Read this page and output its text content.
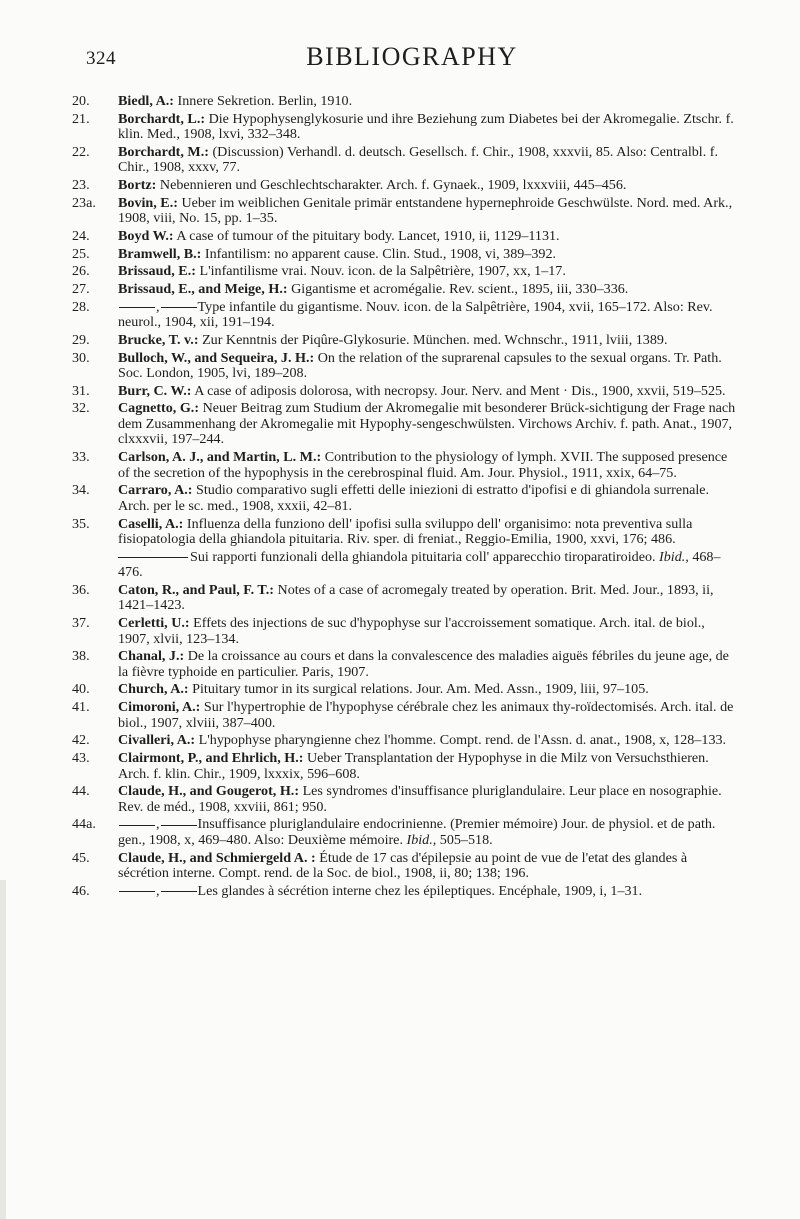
324	BIBLIOGRAPHY
20.	Biedl, A.: Innere Sekretion. Berlin, 1910.
21.	Borchardt, L.: Die Hypophysenglykosurie und ihre Beziehung zum Diabetes bei der Akromegalie. Ztschr. f. klin. Med., 1908, lxvi, 332–348.
22.	Borchardt, M.: (Discussion) Verhandl. d. deutsch. Gesellsch. f. Chir., 1908, xxxvii, 85. Also: Centralbl. f. Chir., 1908, xxxv, 77.
23.	Bortz: Nebennieren und Geschlechtscharakter. Arch. f. Gynaek., 1909, lxxxviii, 445–456.
23a.	Bovin, E.: Ueber im weiblichen Genitale primär entstandene hypernephroide Geschwülste. Nord. med. Ark., 1908, viii, No. 15, pp. 1–35.
24.	Boyd W.: A case of tumour of the pituitary body. Lancet, 1910, ii, 1129–1131.
25.	Bramwell, B.: Infantilism: no apparent cause. Clin. Stud., 1908, vi, 389–392.
26.	Brissaud, E.: L'infantilisme vrai. Nouv. icon. de la Salpêtrière, 1907, xx, 1–17.
27.	Brissaud, E., and Meige, H.: Gigantisme et acromégalie. Rev. scient., 1895, iii, 330–336.
28.	,	Type infantile du gigantisme. Nouv. icon. de la Salpêtrière, 1904, xvii, 165–172. Also: Rev. neurol., 1904, xii, 191–194.
29.	Brucke, T. v.: Zur Kenntnis der Piqûre-Glykosurie. München. med. Wchnschr., 1911, lviii, 1389.
30.	Bulloch, W., and Sequeira, J. H.: On the relation of the suprarenal capsules to the sexual organs. Tr. Path. Soc. London, 1905, lvi, 189–208.
31.	Burr, C. W.: A case of adiposis dolorosa, with necropsy. Jour. Nerv. and Ment · Dis., 1900, xxvii, 519–525.
32.	Cagnetto, G.: Neuer Beitrag zum Studium der Akromegalie mit besonderer Brück-sichtigung der Frage nach dem Zusammenhang der Akromegalie mit Hypophy-sengeschwülsten. Virchows Archiv. f. path. Anat., 1907, clxxxvii, 197–244.
33.	Carlson, A. J., and Martin, L. M.: Contribution to the physiology of lymph. XVII. The supposed presence of the secretion of the hypophysis in the cerebrospinal fluid. Am. Jour. Physiol., 1911, xxix, 64–75.
34.	Carraro, A.: Studio comparativo sugli effetti delle iniezioni di estratto d'ipofisi e di ghiandola surrenale. Arch. per le sc. med., 1908, xxxii, 42–81.
35.	Caselli, A.: Influenza della funziono dell' ipofisi sulla sviluppo dell' organisimo: nota preventiva sulla fisiopatologia della ghiandola pituitaria. Riv. sper. di freniat., Reggio-Emilia, 1900, xxvi, 176; 486.
Sui rapporti funzionali della ghiandola pituitaria coll' apparecchio tiroparatiroideo. Ibid., 468–476.
36.	Caton, R., and Paul, F. T.: Notes of a case of acromegaly treated by operation. Brit. Med. Jour., 1893, ii, 1421–1423.
37.	Cerletti, U.: Effets des injections de suc d'hypophyse sur l'accroissement somatique. Arch. ital. de biol., 1907, xlvii, 123–134.
38.	Chanal, J.: De la croissance au cours et dans la convalescence des maladies aiguës fébriles du jeune age, de la fièvre typhoide en particulier. Paris, 1907.
40.	Church, A.: Pituitary tumor in its surgical relations. Jour. Am. Med. Assn., 1909, liii, 97–105.
41.	Cimoroni, A.: Sur l'hypertrophie de l'hypophyse cérébrale chez les animaux thy-roïdectomisés. Arch. ital. de biol., 1907, xlviii, 387–400.
42.	Civalleri, A.: L'hypophyse pharyngienne chez l'homme. Compt. rend. de l'Assn. d. anat., 1908, x, 128–133.
43.	Clairmont, P., and Ehrlich, H.: Ueber Transplantation der Hypophyse in die Milz von Versuchsthieren. Arch. f. klin. Chir., 1909, lxxxix, 596–608.
44.	Claude, H., and Gougerot, H.: Les syndromes d'insuffisance pluriglandulaire. Leur place en nosographie. Rev. de méd., 1908, xxviii, 861; 950.
44a.	,	Insuffisance pluriglandulaire endocrinienne. (Premier mémoire) Jour. de physiol. et de path. gen., 1908, x, 469–480. Also: Deuxième mémoire. Ibid., 505–518.
45.	Claude, H., and Schmiergeld A. : Étude de 17 cas d'épilepsie au point de vue de l'etat des glandes à sécrétion interne. Compt. rend. de la Soc. de biol., 1908, ii, 80; 138; 196.
46.	,	Les glandes à sécrétion interne chez les épileptiques. Encéphale, 1909, i, 1–31.
